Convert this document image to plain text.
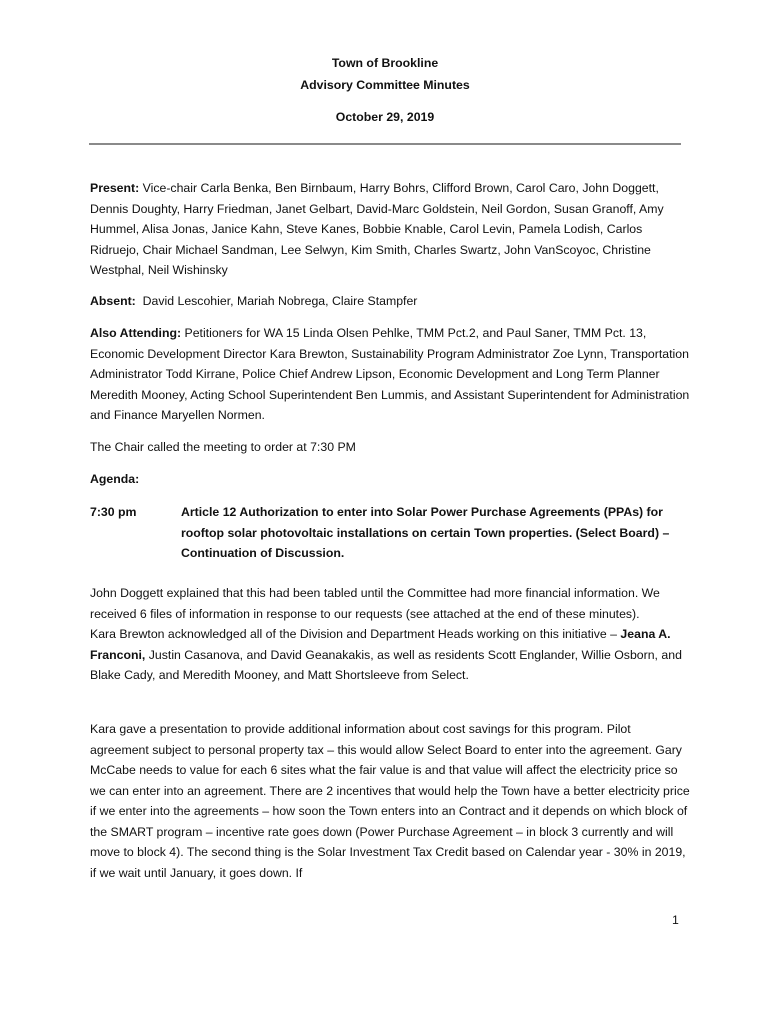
Town of Brookline
Advisory Committee Minutes
October 29, 2019
Present: Vice-chair Carla Benka, Ben Birnbaum, Harry Bohrs, Clifford Brown, Carol Caro, John Doggett, Dennis Doughty, Harry Friedman, Janet Gelbart, David-Marc Goldstein, Neil Gordon, Susan Granoff, Amy Hummel, Alisa Jonas, Janice Kahn, Steve Kanes, Bobbie Knable, Carol Levin, Pamela Lodish, Carlos Ridruejo, Chair Michael Sandman, Lee Selwyn, Kim Smith, Charles Swartz, John VanScoyoc, Christine Westphal, Neil Wishinsky
Absent: David Lescohier, Mariah Nobrega, Claire Stampfer
Also Attending: Petitioners for WA 15 Linda Olsen Pehlke, TMM Pct.2, and Paul Saner, TMM Pct. 13, Economic Development Director Kara Brewton, Sustainability Program Administrator Zoe Lynn, Transportation Administrator Todd Kirrane, Police Chief Andrew Lipson, Economic Development and Long Term Planner Meredith Mooney, Acting School Superintendent Ben Lummis, and Assistant Superintendent for Administration and Finance Maryellen Normen.
The Chair called the meeting to order at 7:30 PM
Agenda:
7:30 pm	Article 12 Authorization to enter into Solar Power Purchase Agreements (PPAs) for rooftop solar photovoltaic installations on certain Town properties. (Select Board) – Continuation of Discussion.
John Doggett explained that this had been tabled until the Committee had more financial information. We received 6 files of information in response to our requests (see attached at the end of these minutes).
Kara Brewton acknowledged all of the Division and Department Heads working on this initiative – Jeana A. Franconi, Justin Casanova, and David Geanakakis, as well as residents Scott Englander, Willie Osborn, and Blake Cady, and Meredith Mooney, and Matt Shortsleeve from Select.
Kara gave a presentation to provide additional information about cost savings for this program. Pilot agreement subject to personal property tax – this would allow Select Board to enter into the agreement. Gary McCabe needs to value for each 6 sites what the fair value is and that value will affect the electricity price so we can enter into an agreement. There are 2 incentives that would help the Town have a better electricity price if we enter into the agreements – how soon the Town enters into an Contract and it depends on which block of the SMART program – incentive rate goes down (Power Purchase Agreement – in block 3 currently and will move to block 4). The second thing is the Solar Investment Tax Credit based on Calendar year - 30% in 2019, if we wait until January, it goes down. If
1
